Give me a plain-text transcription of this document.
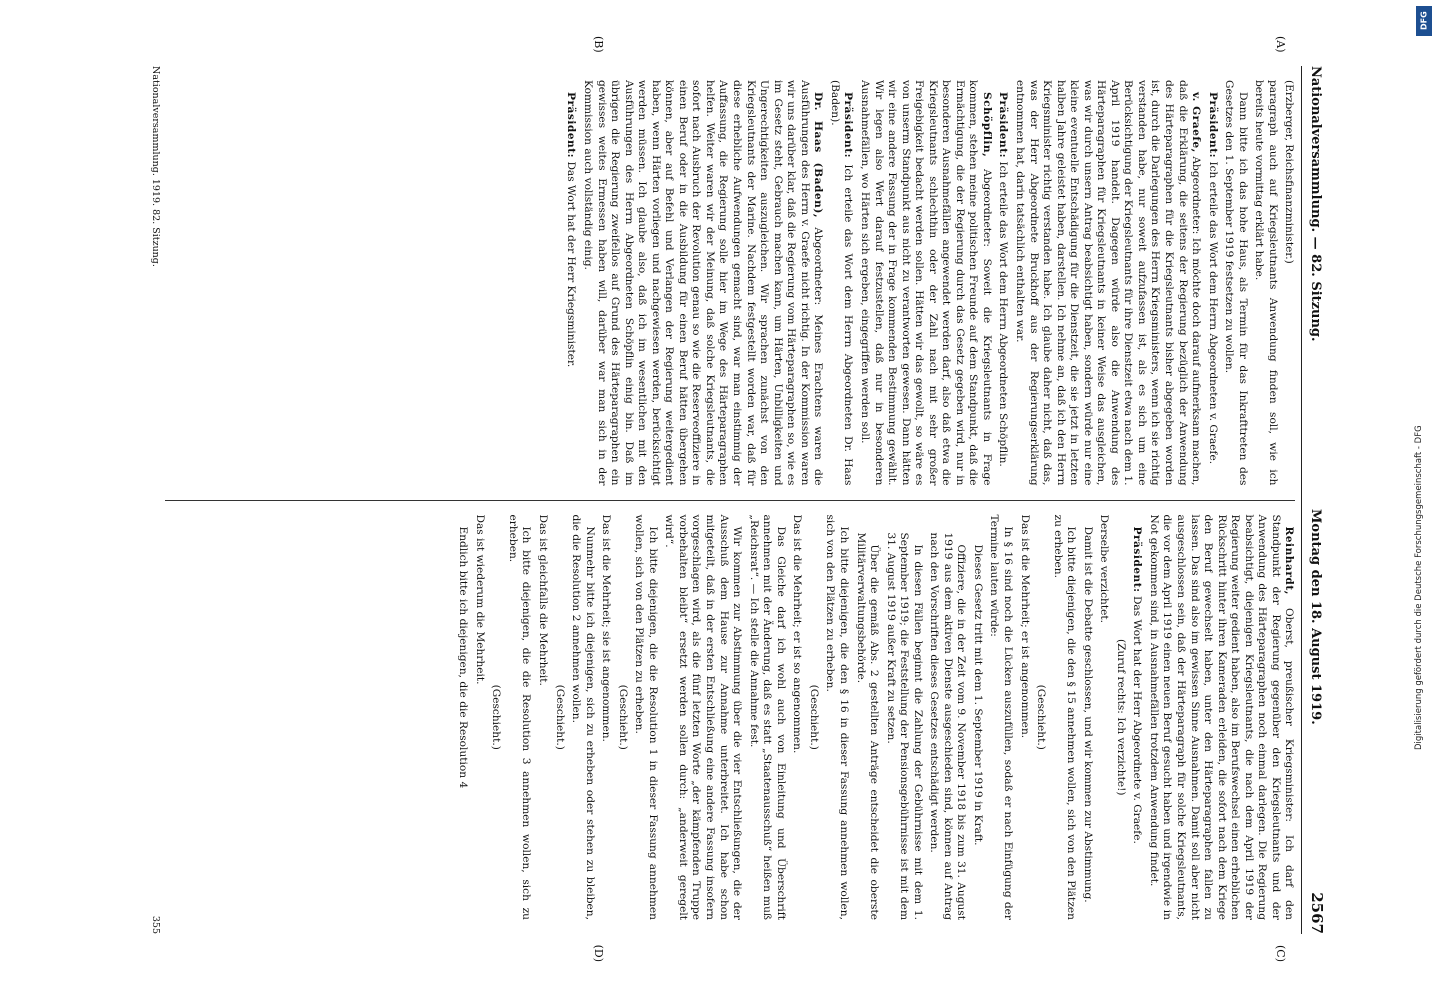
Nationalversammlung. — 82. Sitzung.
Montag den 18. August 1919.
2567
(A)
(B)

(Erzberger, Reichsfinanzminister.)

paragraph auch auf Kriegsleutnants Anwendung finden soll, wie ich bereits heute vormittag erklärt habe.

Dann bitte ich das hohe Haus, als Termin für das Inkrafttreten des Gesetzes den 1. September 1919 festsetzen zu wollen.

Präsident: Ich erteile das Wort dem Herrn Abgeordneten v. Graefe.

v. Graefe, Abgeordneter: Ich möchte doch darauf aufmerksam machen, daß die Erklärung, die seitens der Regierung bezüglich der Anwendung des Härteparagraphen für die Kriegsleutnants bisher abgegeben worden ist, durch die Darlegungen des Herrn Kriegsministers, wenn ich sie richtig verstanden habe, nur soweit aufzufassen ist, als es sich um eine Berücksichtigung der Kriegsleutnants für ihre Dienstzeit etwa nach dem 1. April 1919 handelt. Dagegen würde also die Anwendung des Härteparagraphen für Kriegsleutnants in keiner Weise das ausgleichen, was wir durch unsern Antrag beabsichtigt haben, sondern würde nur eine kleine eventuelle Entschädigung für die Dienstzeit, die sie jetzt in letzten halben Jahre geleistet haben, darstellen. Ich nehme an, daß ich den Herrn Kriegsminister richtig verstanden habe. Ich glaube daher nicht, daß das, was der Herr Abgeordnete Bruckhoff aus der Regierungserklärung entnommen hat, darin tatsächlich enthalten war.

Präsident: Ich erteile das Wort dem Herrn Abgeordneten Schöpflin.

Schöpflin, Abgeordneter: Soweit die Kriegsleutnants in Frage kommen, stehen meine politischen Freunde auf dem Standpunkt, daß die Ermächtigung, die der Regierung durch das Gesetz gegeben wird, nur in besonderen Ausnahmefällen angewendet werden darf, also daß etwa die Kriegsleutnants schlechthin oder der Zahl nach mit sehr großer Freigebigkeit bedacht werden sollen. Hätten wir das gewollt, so wäre es von unserm Standpunkt aus nicht zu verantworten gewesen. Dann hätten wir eine andere Fassung der in Frage kommenden Bestimmung gewählt. Wir legen also Wert darauf festzustellen, daß nur in besonderen Ausnahmefällen, wo Härten sich ergeben, eingegriffen werden soll.

Präsident: Ich erteile das Wort dem Herrn Abgeordneten Dr. Haas (Baden).

Dr. Haas (Baden), Abgeordneter: Meines Erachtens waren die Ausführungen des Herrn v. Graefe nicht richtig. In der Kommission waren wir uns darüber klar, daß die Regierung vom Härteparagraphen so, wie es im Gesetz steht, Gebrauch machen kann, um Härten, Unbilligkeiten und Ungerechtigkeiten auszugleichen. Wir sprachen zunächst von den Kriegsleutnants der Marine. Nachdem festgestellt worden war, daß für diese erhebliche Aufwendungen gemacht sind, war man einstimmig der Auffassung, die Regierung solle hier im Wege des Härteparagraphen helfen. Weiter waren wir der Meinung, daß solche Kriegsleutnants, die sofort nach Ausbruch der Revolution genau so wie die Reserveoffiziere in einen Beruf oder in die Ausbildung für einen Beruf hätten übergehen können, aber auf Befehl und Verlangen der Regierung weitergedient haben, wenn Härten vorliegen und nachgewiesen werden, berücksichtigt werden müssen. Ich glaube also, daß ich im wesentlichen mit den Ausführungen des Herrn Abgeordneten Schöpflin einig bin. Daß im übrigen die Regierung zweifellos auf Grund des Härteparagraphen ein gewisses weites Ermessen haben will, darüber war man sich in der Kommission auch vollständig einig.

Präsident: Das Wort hat der Herr Kriegsminister.

(C)
(D)

Reinhardt, Oberst, preußischer Kriegsminister: Ich darf den Standpunkt der Regierung gegenüber den Kriegsleutnants und der Anwendung des Härteparagraphen noch einmal darlegen. Die Regierung beabsichtigt, diejenigen Kriegsleutnants, die nach dem April 1919 der Regierung weiter gedient haben, also im Berufswechsel einen erheblichen Rückschritt hinter ihren Kameraden erleiden, die sofort nach dem Kriege den Beruf gewechselt haben, unter den Härteparagraphen fallen zu lassen. Das sind also im gewissen Sinne Ausnahmen. Damit soll aber nicht ausgeschlossen sein, daß der Härteparagraph für solche Kriegsleutnants, die vor dem April 1919 einen neuen Beruf gesucht haben und irgendwie in Not gekommen sind, in Ausnahmefällen trotzdem Anwendung findet.

Präsident: Das Wort hat der Herr Abgeordnete v. Graefe.

(Zuruf rechts: Ich verzichte!)

Derselbe verzichtet.

Damit ist die Debatte geschlossen, und wir kommen zur Abstimmung.

Ich bitte diejenigen, die den § 15 annehmen wollen, sich von den Plätzen zu erheben.

(Geschieht.)

Das ist die Mehrheit; er ist angenommen.

In § 16 sind noch die Lücken auszufüllen, sodaß er nach Einfügung der Termine lauten würde:

Dieses Gesetz tritt mit dem 1. September 1919 in Kraft.

Offiziere, die in der Zeit vom 9. November 1918 bis zum 31. August 1919 aus dem aktiven Dienste ausgeschieden sind, können auf Antrag nach den Vorschriften dieses Gesetzes entschädigt werden.

In diesen Fällen beginnt die Zahlung der Gebührnisse mit dem 1. September 1919; die Feststellung der Pensionsgebührnisse ist mit dem 31. August 1919 außer Kraft zu setzen.

Über die gemäß Abs. 2 gestellten Anträge entscheidet die oberste Militärverwaltungsbehörde.

Ich bitte diejenigen, die den § 16 in dieser Fassung annehmen wollen, sich von den Plätzen zu erheben.

(Geschieht.)

Das ist die Mehrheit; er ist so angenommen.

Das Gleiche darf ich wohl auch von Einleitung und Überschrift annehmen mit der Änderung, daß es statt „Staatenausschuß“ heißen muß „Reichsrat“. — Ich stelle die Annahme fest.

Wir kommen zur Abstimmung über die vier Entschließungen, die der Ausschuß dem Hause zur Annahme unterbreitet. Ich habe schon mitgeteilt, daß in der ersten Entschließung eine andere Fassung insofern vorgeschlagen wird, als die fünf letzten Worte „der kämpfenden Truppe vorbehalten bleibt“ ersetzt werden sollen durch: „anderweit geregelt wird“.

Ich bitte diejenigen, die die Resolution 1 in dieser Fassung annehmen wollen, sich von den Plätzen zu erheben.

(Geschieht.)

Das ist die Mehrheit; sie ist angenommen.

Nunmehr bitte ich diejenigen, sich zu erheben oder stehen zu bleiben, die die Resolution 2 annehmen wollen.

(Geschieht.)

Das ist gleichfalls die Mehrheit.

Ich bitte diejenigen, die die Resolution 3 annehmen wollen, sich zu erheben.

(Geschieht.)

Das ist wiederum die Mehrheit.

Endlich bitte ich diejenigen, die die Resolution 4

Nationalversammlung. 1919. 82. Sitzung.
355
Digitalisierung gefördert durch die Deutsche Forschungsgemeinschaft - DFG
DFG
